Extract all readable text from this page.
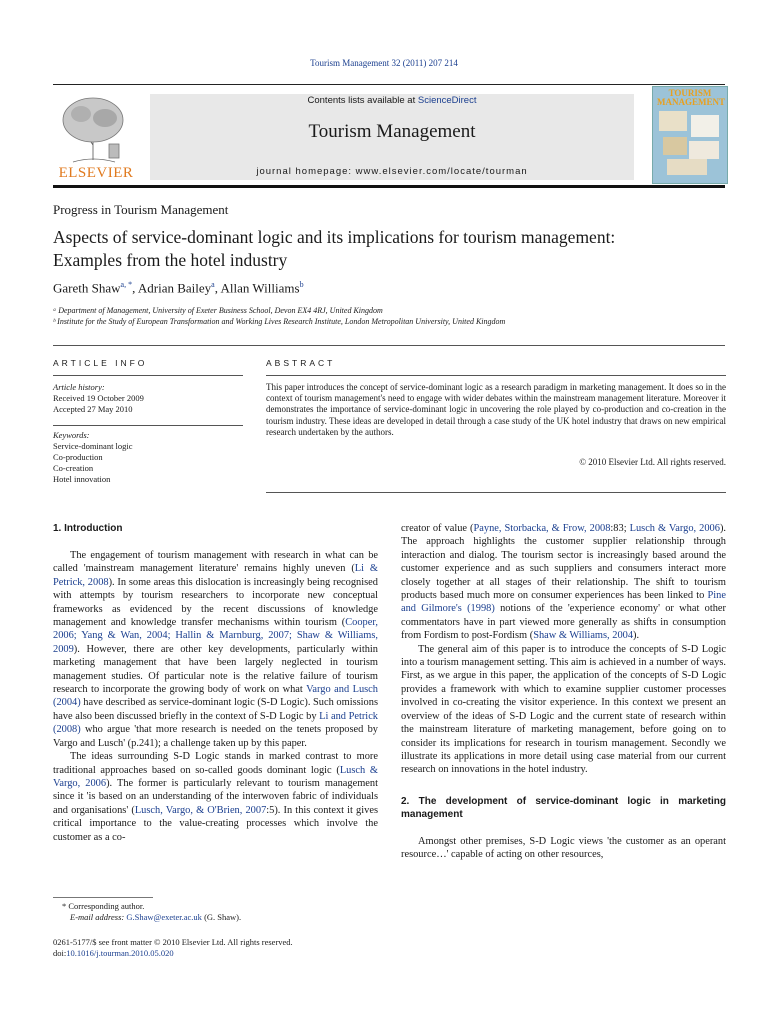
Tourism Management 32 (2011) 207 214
ELSEVIER
Contents lists available at ScienceDirect
Tourism Management
journal homepage: www.elsevier.com/locate/tourman
TOURISM MANAGEMENT
Progress in Tourism Management
Aspects of service-dominant logic and its implications for tourism management:
Examples from the hotel industry
Gareth Shaw$^{a, *}$, Adrian Bailey$^a$, Allan Williams$^b$
ᵃ Department of Management, University of Exeter Business School, Devon EX4 4RJ, United Kingdom
ᵇ Institute for the Study of European Transformation and Working Lives Research Institute, London Metropolitan University, United Kingdom
ARTICLE INFO	ABSTRACT
Article history:
Received 19 October 2009
Accepted 27 May 2010
Keywords:
Service-dominant logic
Co-production
Co-creation
Hotel innovation
This paper introduces the concept of service-dominant logic as a research paradigm in marketing management. It does so in the context of tourism management's need to engage with wider debates within the mainstream management literature. Moreover it demonstrates the importance of service-dominant logic in uncovering the role played by co-production and co-creation in the tourism industry. These ideas are developed in detail through a case study of the UK hotel industry that draws on new empirical research undertaken by the authors.
© 2010 Elsevier Ltd. All rights reserved.
1. Introduction

The engagement of tourism management with research in what can be called 'mainstream management literature' remains highly uneven (Li & Petrick, 2008). In some areas this dislocation is increasingly being recognised with attempts by tourism researchers to incorporate new conceptual frameworks as evidenced by the recent discussions of knowledge management and knowledge transfer mechanisms within tourism (Cooper, 2006; Yang & Wan, 2004; Hallin & Marnburg, 2007; Shaw & Williams, 2009). However, there are other key developments, particularly within marketing management that have been largely neglected in tourism management studies. Of particular note is the relative failure of tourism research to incorporate the growing body of work on what Vargo and Lusch (2004) have described as service-dominant logic (S-D Logic). Such omissions have also been discussed briefly in the context of S-D Logic by Li and Petrick (2008) who argue 'that more research is needed on the tenets proposed by Vargo and Lusch' (p.241); a challenge taken up by this paper.

The ideas surrounding S-D Logic stands in marked contrast to more traditional approaches based on so-called goods dominant logic (Lusch & Vargo, 2006). The former is particularly relevant to tourism management since it 'is based on an understanding of the interwoven fabric of individuals and organisations' (Lusch, Vargo, & O'Brien, 2007:5). In this context it gives critical importance to the value-creating processes which involve the customer as a co-

creator of value (Payne, Storbacka, & Frow, 2008:83; Lusch & Vargo, 2006). The approach highlights the customer supplier relationship through interaction and dialog. The tourism sector is increasingly based around the customer experience and as such suppliers and consumers interact more closely together at all stages of their relationship. The shift to tourism products based much more on consumer experiences has been linked to Pine and Gilmore's (1998) notions of the 'experience economy' or what other commentators have in part viewed more generally as shifts in consumption from Fordism to post-Fordism (Shaw & Williams, 2004).

The general aim of this paper is to introduce the concepts of S-D Logic into a tourism management setting. This aim is achieved in a number of ways. First, as we argue in this paper, the application of the concepts of S-D Logic provides a framework with which to examine supplier customer processes involved in co-creating the visitor experience. In this context we present an overview of the ideas of S-D Logic and the current state of research within the mainstream literature of marketing management, before going on to consider its implications for research in tourism management. Secondly we illustrate its applications in more detail using case material from our current research on innovations in the hotel industry.

2. The development of service-dominant logic in marketing management

Amongst other premises, S-D Logic views 'the customer as an operant resource…' capable of acting on other resources,

* Corresponding author.
E-mail address: G.Shaw@exeter.ac.uk (G. Shaw).
0261-5177/$ see front matter © 2010 Elsevier Ltd. All rights reserved.
doi:10.1016/j.tourman.2010.05.020
